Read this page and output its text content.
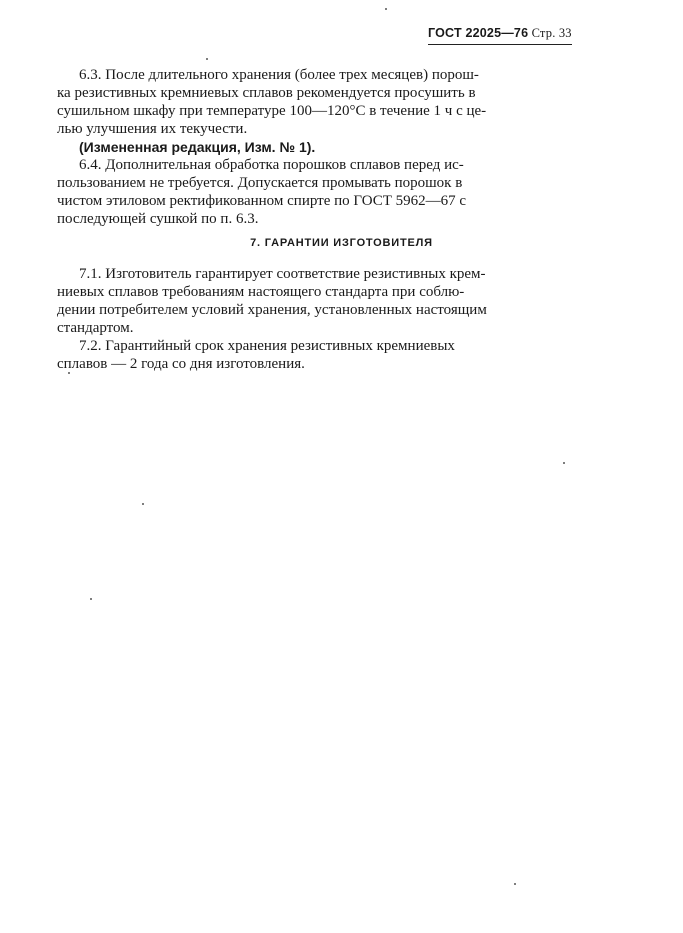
ГОСТ 22025—76 Стр. 33

6.3. После длительного хранения (более трех месяцев) порош-

ка резистивных кремниевых сплавов рекомендуется просушить в

сушильном шкафу при температуре 100—120°С в течение 1 ч с це-

лью улучшения их текучести.

(Измененная редакция, Изм. № 1).

6.4. Дополнительная обработка порошков сплавов перед ис-

пользованием не требуется. Допускается промывать порошок в

чистом этиловом ректификованном спирте по ГОСТ 5962—67 с

последующей сушкой по п. 6.3.

7. ГАРАНТИИ ИЗГОТОВИТЕЛЯ

7.1. Изготовитель гарантирует соответствие резистивных крем-

ниевых сплавов требованиям настоящего стандарта при соблю-

дении потребителем условий хранения, установленных настоящим

стандартом.

7.2. Гарантийный срок хранения резистивных кремниевых

сплавов — 2 года со дня изготовления.
